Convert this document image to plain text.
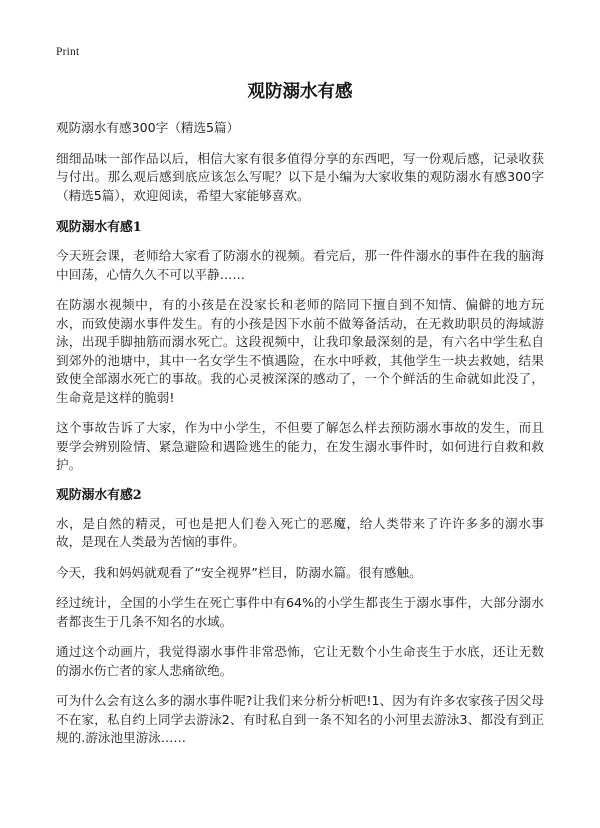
Print
观防溺水有感

观防溺水有感300字（精选5篇）

细细品味一部作品以后，相信大家有很多值得分享的东西吧，写一份观后感，记录收获与付出。那么观后感到底应该怎么写呢？以下是小编为大家收集的观防溺水有感300字（精选5篇），欢迎阅读，希望大家能够喜欢。

观防溺水有感1

今天班会课，老师给大家看了防溺水的视频。看完后，那一件件溺水的事件在我的脑海中回荡，心情久久不可以平静……

在防溺水视频中，有的小孩是在没家长和老师的陪同下擅自到不知情、偏僻的地方玩水，而致使溺水事件发生。有的小孩是因下水前不做筹备活动，在无救助职员的海域游泳，出现手脚抽筋而溺水死亡。这段视频中，让我印象最深刻的是，有六名中学生私自到郊外的池塘中，其中一名女学生不慎遇险，在水中呼救，其他学生一块去救她，结果致使全部溺水死亡的事故。我的心灵被深深的感动了，一个个鲜活的生命就如此没了，生命竟是这样的脆弱!

这个事故告诉了大家，作为中小学生，不但要了解怎么样去预防溺水事故的发生，而且要学会辨别险情、紧急避险和遇险逃生的能力，在发生溺水事件时，如何进行自救和救护。

观防溺水有感2

水，是自然的精灵，可也是把人们卷入死亡的恶魔，给人类带来了许许多多的溺水事故，是现在人类最为苦恼的事件。

今天，我和妈妈就观看了“安全视界”栏目，防溺水篇。很有感触。

经过统计，全国的小学生在死亡事件中有64%的小学生都丧生于溺水事件，大部分溺水者都丧生于几条不知名的水域。

通过这个动画片，我觉得溺水事件非常恐怖，它让无数个小生命丧生于水底，还让无数的溺水伤亡者的家人悲痛欲绝。

可为什么会有这么多的溺水事件呢?让我们来分析分析吧!1、因为有许多农家孩子因父母不在家，私自约上同学去游泳2、有时私自到一条不知名的小河里去游泳3、都没有到正规的.游泳池里游泳……
